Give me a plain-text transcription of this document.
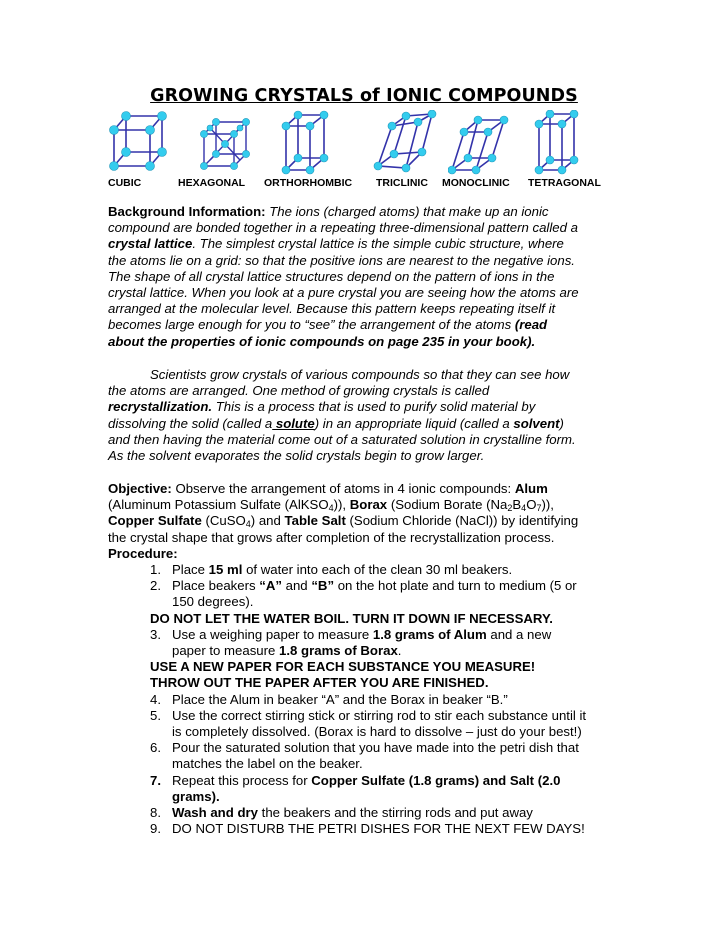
GROWING CRYSTALS of IONIC COMPOUNDS
CUBIC	HEXAGONAL ORTHORHOMBIC TRICLINIC MONOCLINIC TETRAGONAL
Background Information: The ions (charged atoms) that make up an ionic
compound are bonded together in a repeating three-dimensional pattern called a
crystal lattice. The simplest crystal lattice is the simple cubic structure, where
the atoms lie on a grid: so that the positive ions are nearest to the negative ions.
The shape of all crystal lattice structures depend on the pattern of ions in the
crystal lattice. When you look at a pure crystal you are seeing how the atoms are
arranged at the molecular level. Because this pattern keeps repeating itself it
becomes large enough for you to “see” the arrangement of the atoms (read
about the properties of ionic compounds on page 235 in your book).
Scientists grow crystals of various compounds so that they can see how
the atoms are arranged. One method of growing crystals is called
recrystallization. This is a process that is used to purify solid material by
dissolving the solid (called a solute) in an appropriate liquid (called a solvent)
and then having the material come out of a saturated solution in crystalline form.
As the solvent evaporates the solid crystals begin to grow larger.
Objective: Observe the arrangement of atoms in 4 ionic compounds: Alum
(Aluminum Potassium Sulfate (AlKSO$_4$)), Borax (Sodium Borate $(Na_2B_4O_7)$),
Copper Sulfate (CuSO$_4$) and Table Salt (Sodium Chloride (NaCl)) by identifying
the crystal shape that grows after completion of the recrystallization process.
Procedure:
1. Place 15 ml of water into each of the clean 30 ml beakers.
2. Place beakers “A” and “B” on the hot plate and turn to medium (5 or
150 degrees).
DO NOT LET THE WATER BOIL. TURN IT DOWN IF NECESSARY.
3. Use a weighing paper to measure 1.8 grams of Alum and a new
paper to measure 1.8 grams of Borax.
USE A NEW PAPER FOR EACH SUBSTANCE YOU MEASURE!
THROW OUT THE PAPER AFTER YOU ARE FINISHED.
4. Place the Alum in beaker “A” and the Borax in beaker “B.”
5. Use the correct stirring stick or stirring rod to stir each substance until it
is completely dissolved. (Borax is hard to dissolve – just do your best!)
6. Pour the saturated solution that you have made into the petri dish that
matches the label on the beaker.
7. Repeat this process for Copper Sulfate (1.8 grams) and Salt (2.0
grams).
8. Wash and dry the beakers and the stirring rods and put away
9. DO NOT DISTURB THE PETRI DISHES FOR THE NEXT FEW DAYS!
